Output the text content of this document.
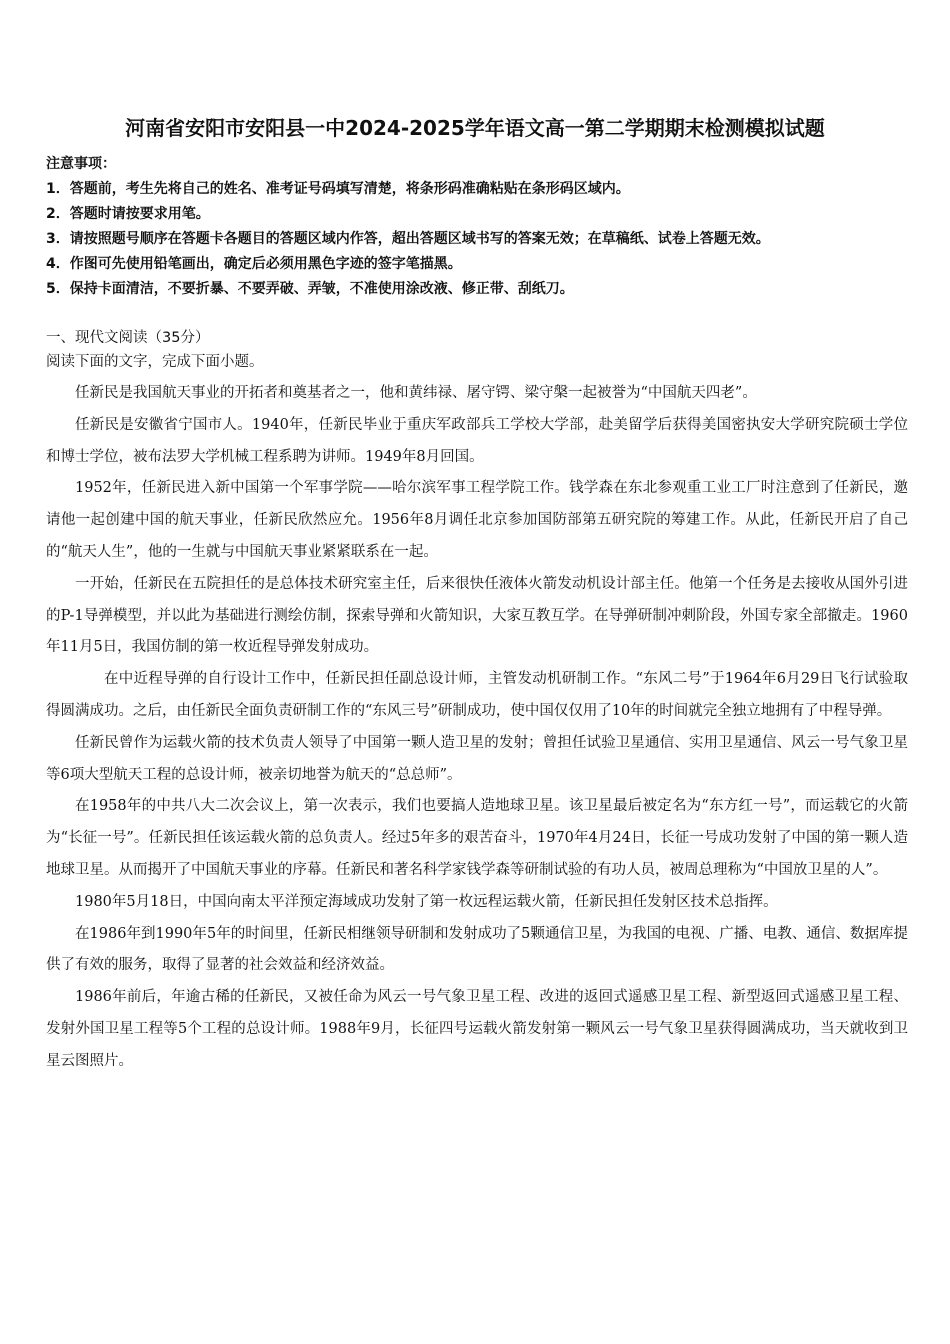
河南省安阳市安阳县一中2024-2025学年语文高一第二学期期末检测模拟试题
注意事项：
1．答题前，考生先将自己的姓名、准考证号码填写清楚，将条形码准确粘贴在条形码区域内。
2．答题时请按要求用笔。
3．请按照题号顺序在答题卡各题目的答题区域内作答，超出答题区域书写的答案无效；在草稿纸、试卷上答题无效。
4．作图可先使用铅笔画出，确定后必须用黑色字迹的签字笔描黑。
5．保持卡面清洁，不要折暴、不要弄破、弄皱，不准使用涂改液、修正带、刮纸刀。
一、现代文阅读（35分）
阅读下面的文字，完成下面小题。

任新民是我国航天事业的开拓者和奠基者之一，他和黄纬禄、屠守锷、梁守槃一起被誉为“中国航天四老”。

任新民是安徽省宁国市人。1940年，任新民毕业于重庆军政部兵工学校大学部，赴美留学后获得美国密执安大学研究院硕士学位和博士学位，被布法罗大学机械工程系聘为讲师。1949年8月回国。

1952年，任新民进入新中国第一个军事学院——哈尔滨军事工程学院工作。钱学森在东北参观重工业工厂时注意到了任新民，邀请他一起创建中国的航天事业，任新民欣然应允。1956年8月调任北京参加国防部第五研究院的筹建工作。从此，任新民开启了自己的“航天人生”，他的一生就与中国航天事业紧紧联系在一起。

一开始，任新民在五院担任的是总体技术研究室主任，后来很快任液体火箭发动机设计部主任。他第一个任务是去接收从国外引进的P-1导弹模型，并以此为基础进行测绘仿制，探索导弹和火箭知识，大家互教互学。在导弹研制冲刺阶段，外国专家全部撤走。1960年11月5日，我国仿制的第一枚近程导弹发射成功。

在中近程导弹的自行设计工作中，任新民担任副总设计师，主管发动机研制工作。“东风二号”于1964年6月29日飞行试验取得圆满成功。之后，由任新民全面负责研制工作的“东风三号”研制成功，使中国仅仅用了10年的时间就完全独立地拥有了中程导弹。

任新民曾作为运载火箭的技术负责人领导了中国第一颗人造卫星的发射；曾担任试验卫星通信、实用卫星通信、风云一号气象卫星等6项大型航天工程的总设计师，被亲切地誉为航天的“总总师”。

在1958年的中共八大二次会议上，第一次表示，我们也要搞人造地球卫星。该卫星最后被定名为“东方红一号”，而运载它的火箭为“长征一号”。任新民担任该运载火箭的总负责人。经过5年多的艰苦奋斗，1970年4月24日，长征一号成功发射了中国的第一颗人造地球卫星。从而揭开了中国航天事业的序幕。任新民和著名科学家钱学森等研制试验的有功人员，被周总理称为“中国放卫星的人”。

1980年5月18日，中国向南太平洋预定海域成功发射了第一枚远程运载火箭，任新民担任发射区技术总指挥。

在1986年到1990年5年的时间里，任新民相继领导研制和发射成功了5颗通信卫星，为我国的电视、广播、电教、通信、数据库提供了有效的服务，取得了显著的社会效益和经济效益。

1986年前后，年逾古稀的任新民，又被任命为风云一号气象卫星工程、改进的返回式遥感卫星工程、新型返回式遥感卫星工程、发射外国卫星工程等5个工程的总设计师。1988年9月，长征四号运载火箭发射第一颗风云一号气象卫星获得圆满成功，当天就收到卫星云图照片。
